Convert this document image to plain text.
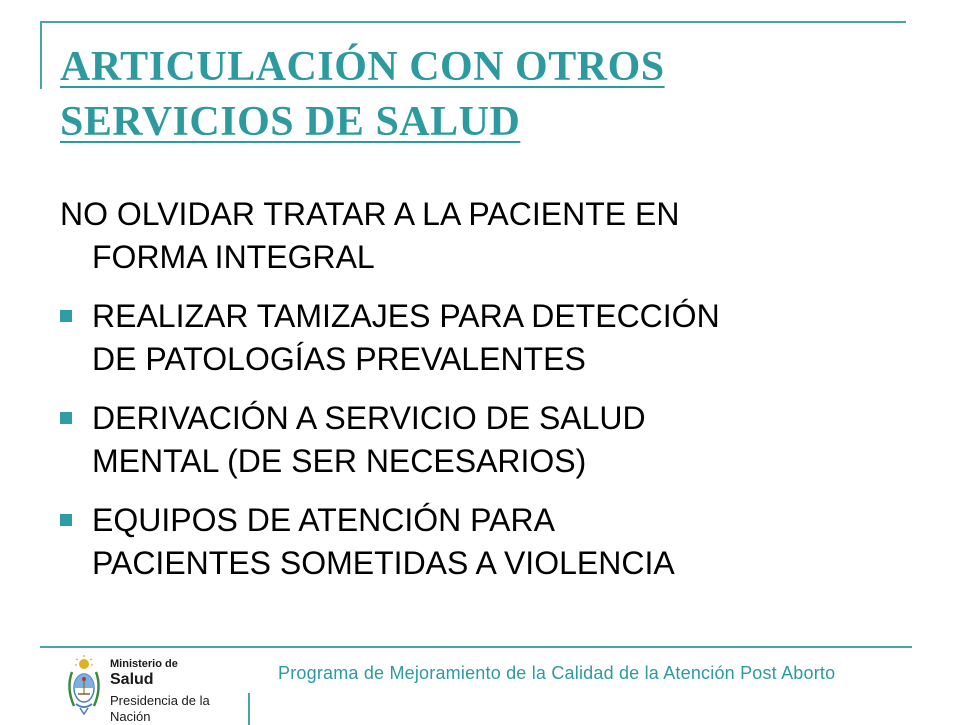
ARTICULACIÓN CON OTROS
SERVICIOS DE SALUD

NO OLVIDAR TRATAR A LA PACIENTE EN
FORMA INTEGRAL

REALIZAR TAMIZAJES PARA DETECCIÓN
DE PATOLOGÍAS PREVALENTES
DERIVACIÓN A SERVICIO DE SALUD
MENTAL (DE SER NECESARIOS)
EQUIPOS DE ATENCIÓN PARA
PACIENTES SOMETIDAS A VIOLENCIA
Ministerio de
Salud
Presidencia de la Nación
Programa de Mejoramiento de la Calidad de la Atención Post Aborto
